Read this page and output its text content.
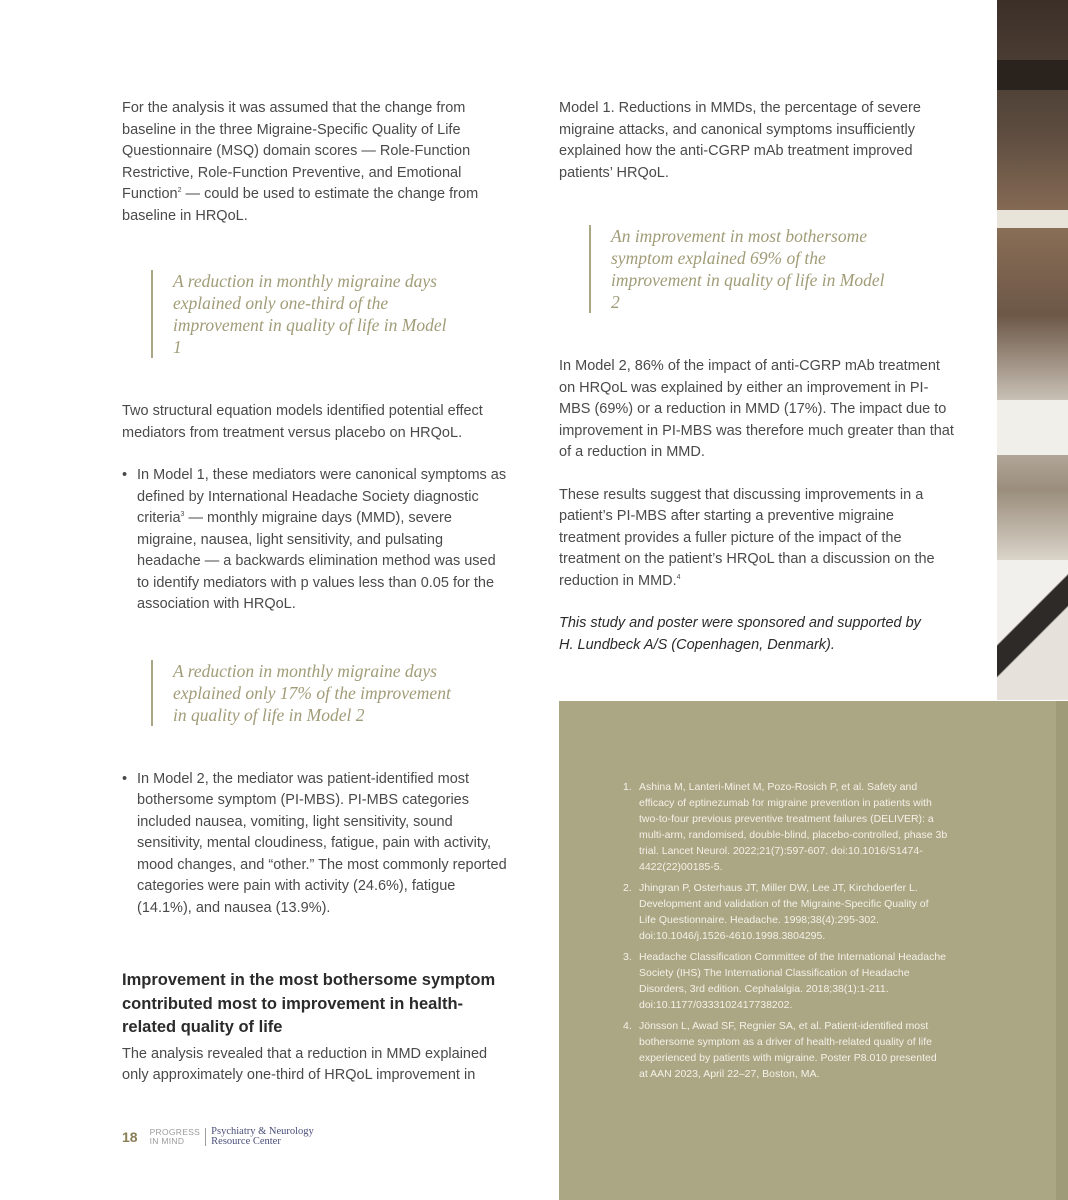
For the analysis it was assumed that the change from baseline in the three Migraine-Specific Quality of Life Questionnaire (MSQ) domain scores — Role-Function Restrictive, Role-Function Preventive, and Emotional Function$^2$ — could be used to estimate the change from baseline in HRQoL.

A reduction in monthly migraine days explained only one-third of the improvement in quality of life in Model 1

Two structural equation models identified potential effect mediators from treatment versus placebo on HRQoL.

• In Model 1, these mediators were canonical symptoms as defined by International Headache Society diagnostic criteria$^3$ — monthly migraine days (MMD), severe migraine, nausea, light sensitivity, and pulsating headache — a backwards elimination method was used to identify mediators with p values less than 0.05 for the association with HRQoL.
A reduction in monthly migraine days explained only 17% of the improvement in quality of life in Model 2
• In Model 2, the mediator was patient-identified most bothersome symptom (PI-MBS). PI-MBS categories included nausea, vomiting, light sensitivity, sound sensitivity, mental cloudiness, fatigue, pain with activity, mood changes, and “other.” The most commonly reported categories were pain with activity (24.6%), fatigue (14.1%), and nausea (13.9%).
Improvement in the most bothersome symptom contributed most to improvement in health-related quality of life

The analysis revealed that a reduction in MMD explained only approximately one-third of HRQoL improvement in

Model 1. Reductions in MMDs, the percentage of severe migraine attacks, and canonical symptoms insufficiently explained how the anti-CGRP mAb treatment improved patients’ HRQoL.

An improvement in most bothersome symptom explained 69% of the improvement in quality of life in Model 2

In Model 2, 86% of the impact of anti-CGRP mAb treatment on HRQoL was explained by either an improvement in PI-MBS (69%) or a reduction in MMD (17%). The impact due to improvement in PI-MBS was therefore much greater than that of a reduction in MMD.

These results suggest that discussing improvements in a patient’s PI-MBS after starting a preventive migraine treatment provides a fuller picture of the impact of the treatment on the patient’s HRQoL than a discussion on the reduction in MMD.$^4$

This study and poster were sponsored and supported by H. Lundbeck A/S (Copenhagen, Denmark).

1. Ashina M, Lanteri-Minet M, Pozo-Rosich P, et al. Safety and efficacy of eptinezumab for migraine prevention in patients with two-to-four previous preventive treatment failures (DELIVER): a multi-arm, randomised, double-blind, placebo-controlled, phase 3b trial. Lancet Neurol. 2022;21(7):597-607. doi:10.1016/S1474-4422(22)00185-5.
2. Jhingran P, Osterhaus JT, Miller DW, Lee JT, Kirchdoerfer L. Development and validation of the Migraine-Specific Quality of Life Questionnaire. Headache. 1998;38(4):295-302. doi:10.1046/j.1526-4610.1998.3804295.
3. Headache Classification Committee of the International Headache Society (IHS) The International Classification of Headache Disorders, 3rd edition. Cephalalgia. 2018;38(1):1-211. doi:10.1177/0333102417738202.
4. Jönsson L, Awad SF, Regnier SA, et al. Patient-identified most bothersome symptom as a driver of health-related quality of life experienced by patients with migraine. Poster P8.010 presented at AAN 2023, April 22–27, Boston, MA.
18 PROGRESS
IN MIND
Psychiatry & Neurology
Resource Center
